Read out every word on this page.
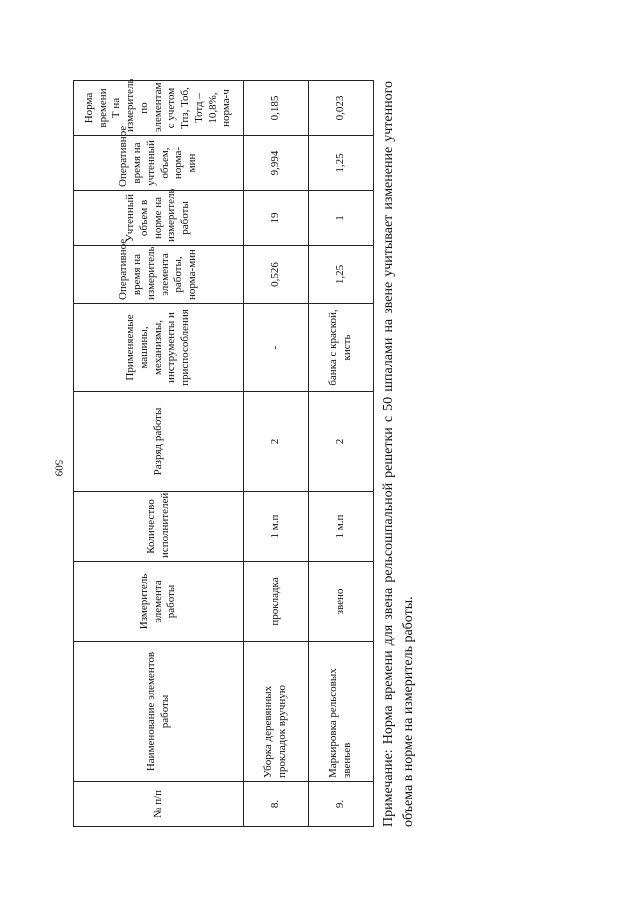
509
№ п/п	Наименование элементов работы	Измеритель элемента работы	Количество исполнителей	Разряд работы	Применяемые машины, механизмы, инструменты и приспособления	Оперативное время на измеритель элемента работы, норма-мин	Учтенный объем в норме на измеритель работы	Оперативное время на учтенный объем, норма-мин	Норма времени Т на измеритель по элементам с учетом Тпз, Тоб, Тотд – 10,8%, норма-ч
8.	Уборка деревянных прокладок вручную	прокладка	1 м.п	2	-	0,526	19	9,994	0,185
9.	Маркировка рельсовых звеньев	звено	1 м.п	2	банка с краской, кисть	1,25	1	1,25	0,023 Примечание: Норма времени для звена рельсошпальной решетки с 50 шпалами на звене учитывает изменение учтенного объема в норме на измеритель работы.
